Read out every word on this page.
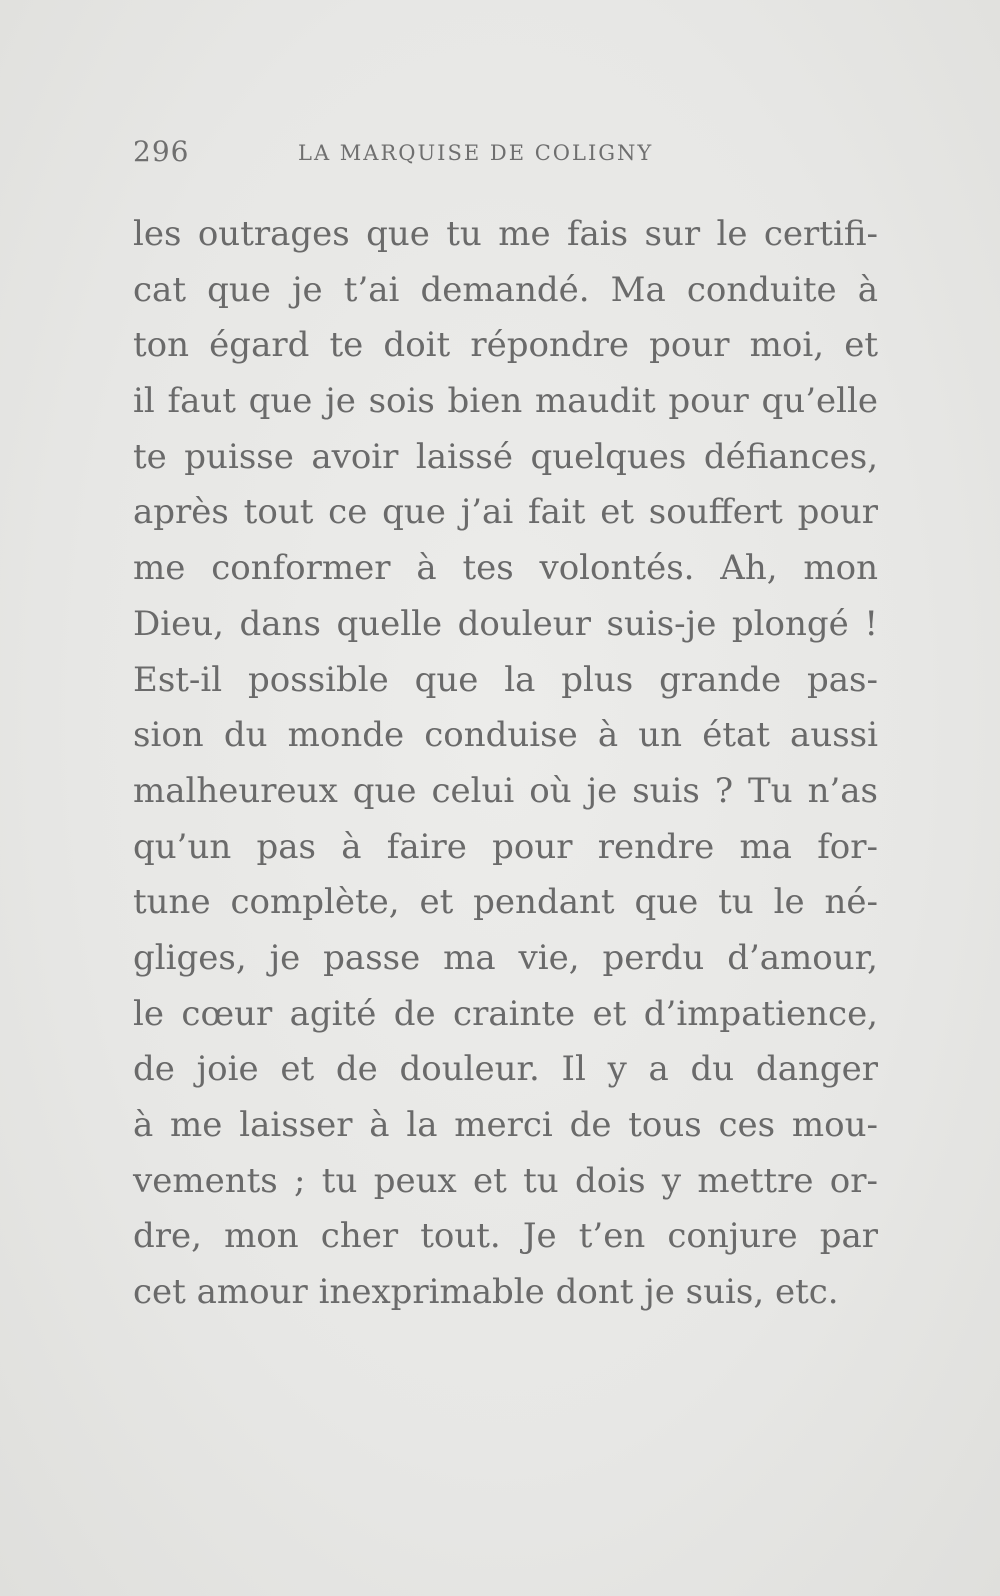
296	LA MARQUISE DE COLIGNY
les outrages que tu me fais sur le certifi-
cat que je t’ai demandé. Ma conduite à
ton égard te doit répondre pour moi, et
il faut que je sois bien maudit pour qu’elle
te puisse avoir laissé quelques défiances,
après tout ce que j’ai fait et souffert pour
me conformer à tes volontés. Ah, mon
Dieu, dans quelle douleur suis-je plongé !
Est-il possible que la plus grande pas-
sion du monde conduise à un état aussi
malheureux que celui où je suis ? Tu n’as
qu’un pas à faire pour rendre ma for-
tune complète, et pendant que tu le né-
gliges, je passe ma vie, perdu d’amour,
le cœur agité de crainte et d’impatience,
de joie et de douleur. Il y a du danger
à me laisser à la merci de tous ces mou-
vements ; tu peux et tu dois y mettre or-
dre, mon cher tout. Je t’en conjure par
cet amour inexprimable dont je suis, etc.
